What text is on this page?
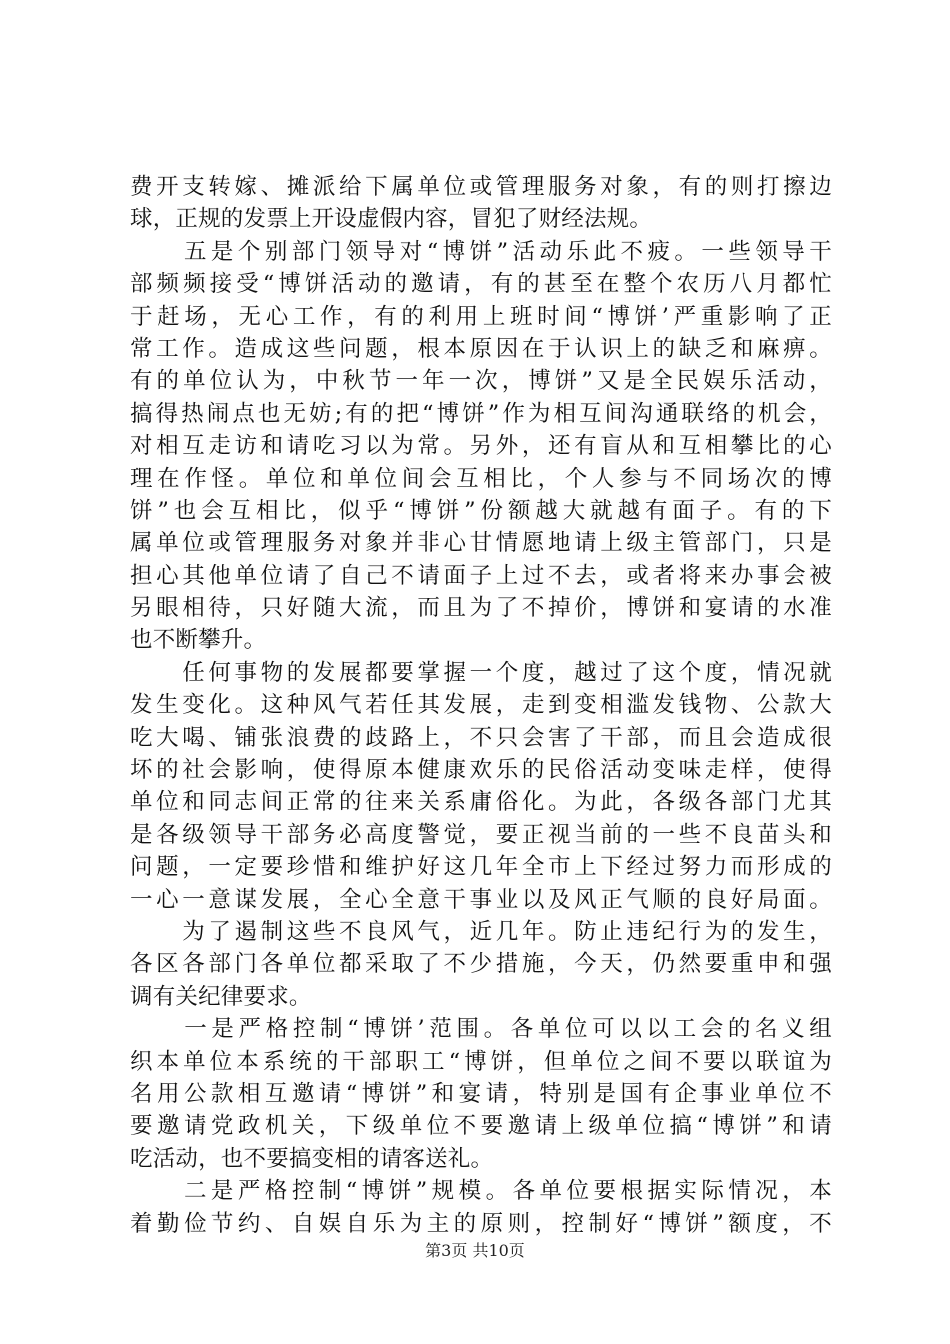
费开支转嫁、摊派给下属单位或管理服务对象，有的则打擦边
球，正规的发票上开设虚假内容，冒犯了财经法规。
　　五是个别部门领导对“博饼”活动乐此不疲。一些领导干
部频频接受“博饼活动的邀请，有的甚至在整个农历八月都忙
于赶场，无心工作，有的利用上班时间“博饼’严重影响了正
常工作。造成这些问题，根本原因在于认识上的缺乏和麻痹。
有的单位认为，中秋节一年一次，博饼”又是全民娱乐活动，
搞得热闹点也无妨;有的把“博饼”作为相互间沟通联络的机会，
对相互走访和请吃习以为常。另外，还有盲从和互相攀比的心
理在作怪。单位和单位间会互相比，个人参与不同场次的博
饼”也会互相比，似乎“博饼”份额越大就越有面子。有的下
属单位或管理服务对象并非心甘情愿地请上级主管部门，只是
担心其他单位请了自己不请面子上过不去，或者将来办事会被
另眼相待，只好随大流，而且为了不掉价，博饼和宴请的水准
也不断攀升。
　　任何事物的发展都要掌握一个度，越过了这个度，情况就
发生变化。这种风气若任其发展，走到变相滥发钱物、公款大
吃大喝、铺张浪费的歧路上，不只会害了干部，而且会造成很
坏的社会影响，使得原本健康欢乐的民俗活动变味走样，使得
单位和同志间正常的往来关系庸俗化。为此，各级各部门尤其
是各级领导干部务必高度警觉，要正视当前的一些不良苗头和
问题，一定要珍惜和维护好这几年全市上下经过努力而形成的
一心一意谋发展，全心全意干事业以及风正气顺的良好局面。
　　为了遏制这些不良风气，近几年。防止违纪行为的发生，
各区各部门各单位都采取了不少措施，今天，仍然要重申和强
调有关纪律要求。
　　一是严格控制“博饼’范围。各单位可以以工会的名义组
织本单位本系统的干部职工“博饼，但单位之间不要以联谊为
名用公款相互邀请“博饼”和宴请，特别是国有企事业单位不
要邀请党政机关，下级单位不要邀请上级单位搞“博饼”和请
吃活动，也不要搞变相的请客送礼。
　　二是严格控制“博饼”规模。各单位要根据实际情况，本
着勤俭节约、自娱自乐为主的原则，控制好“博饼”额度，不
第3页 共10页
